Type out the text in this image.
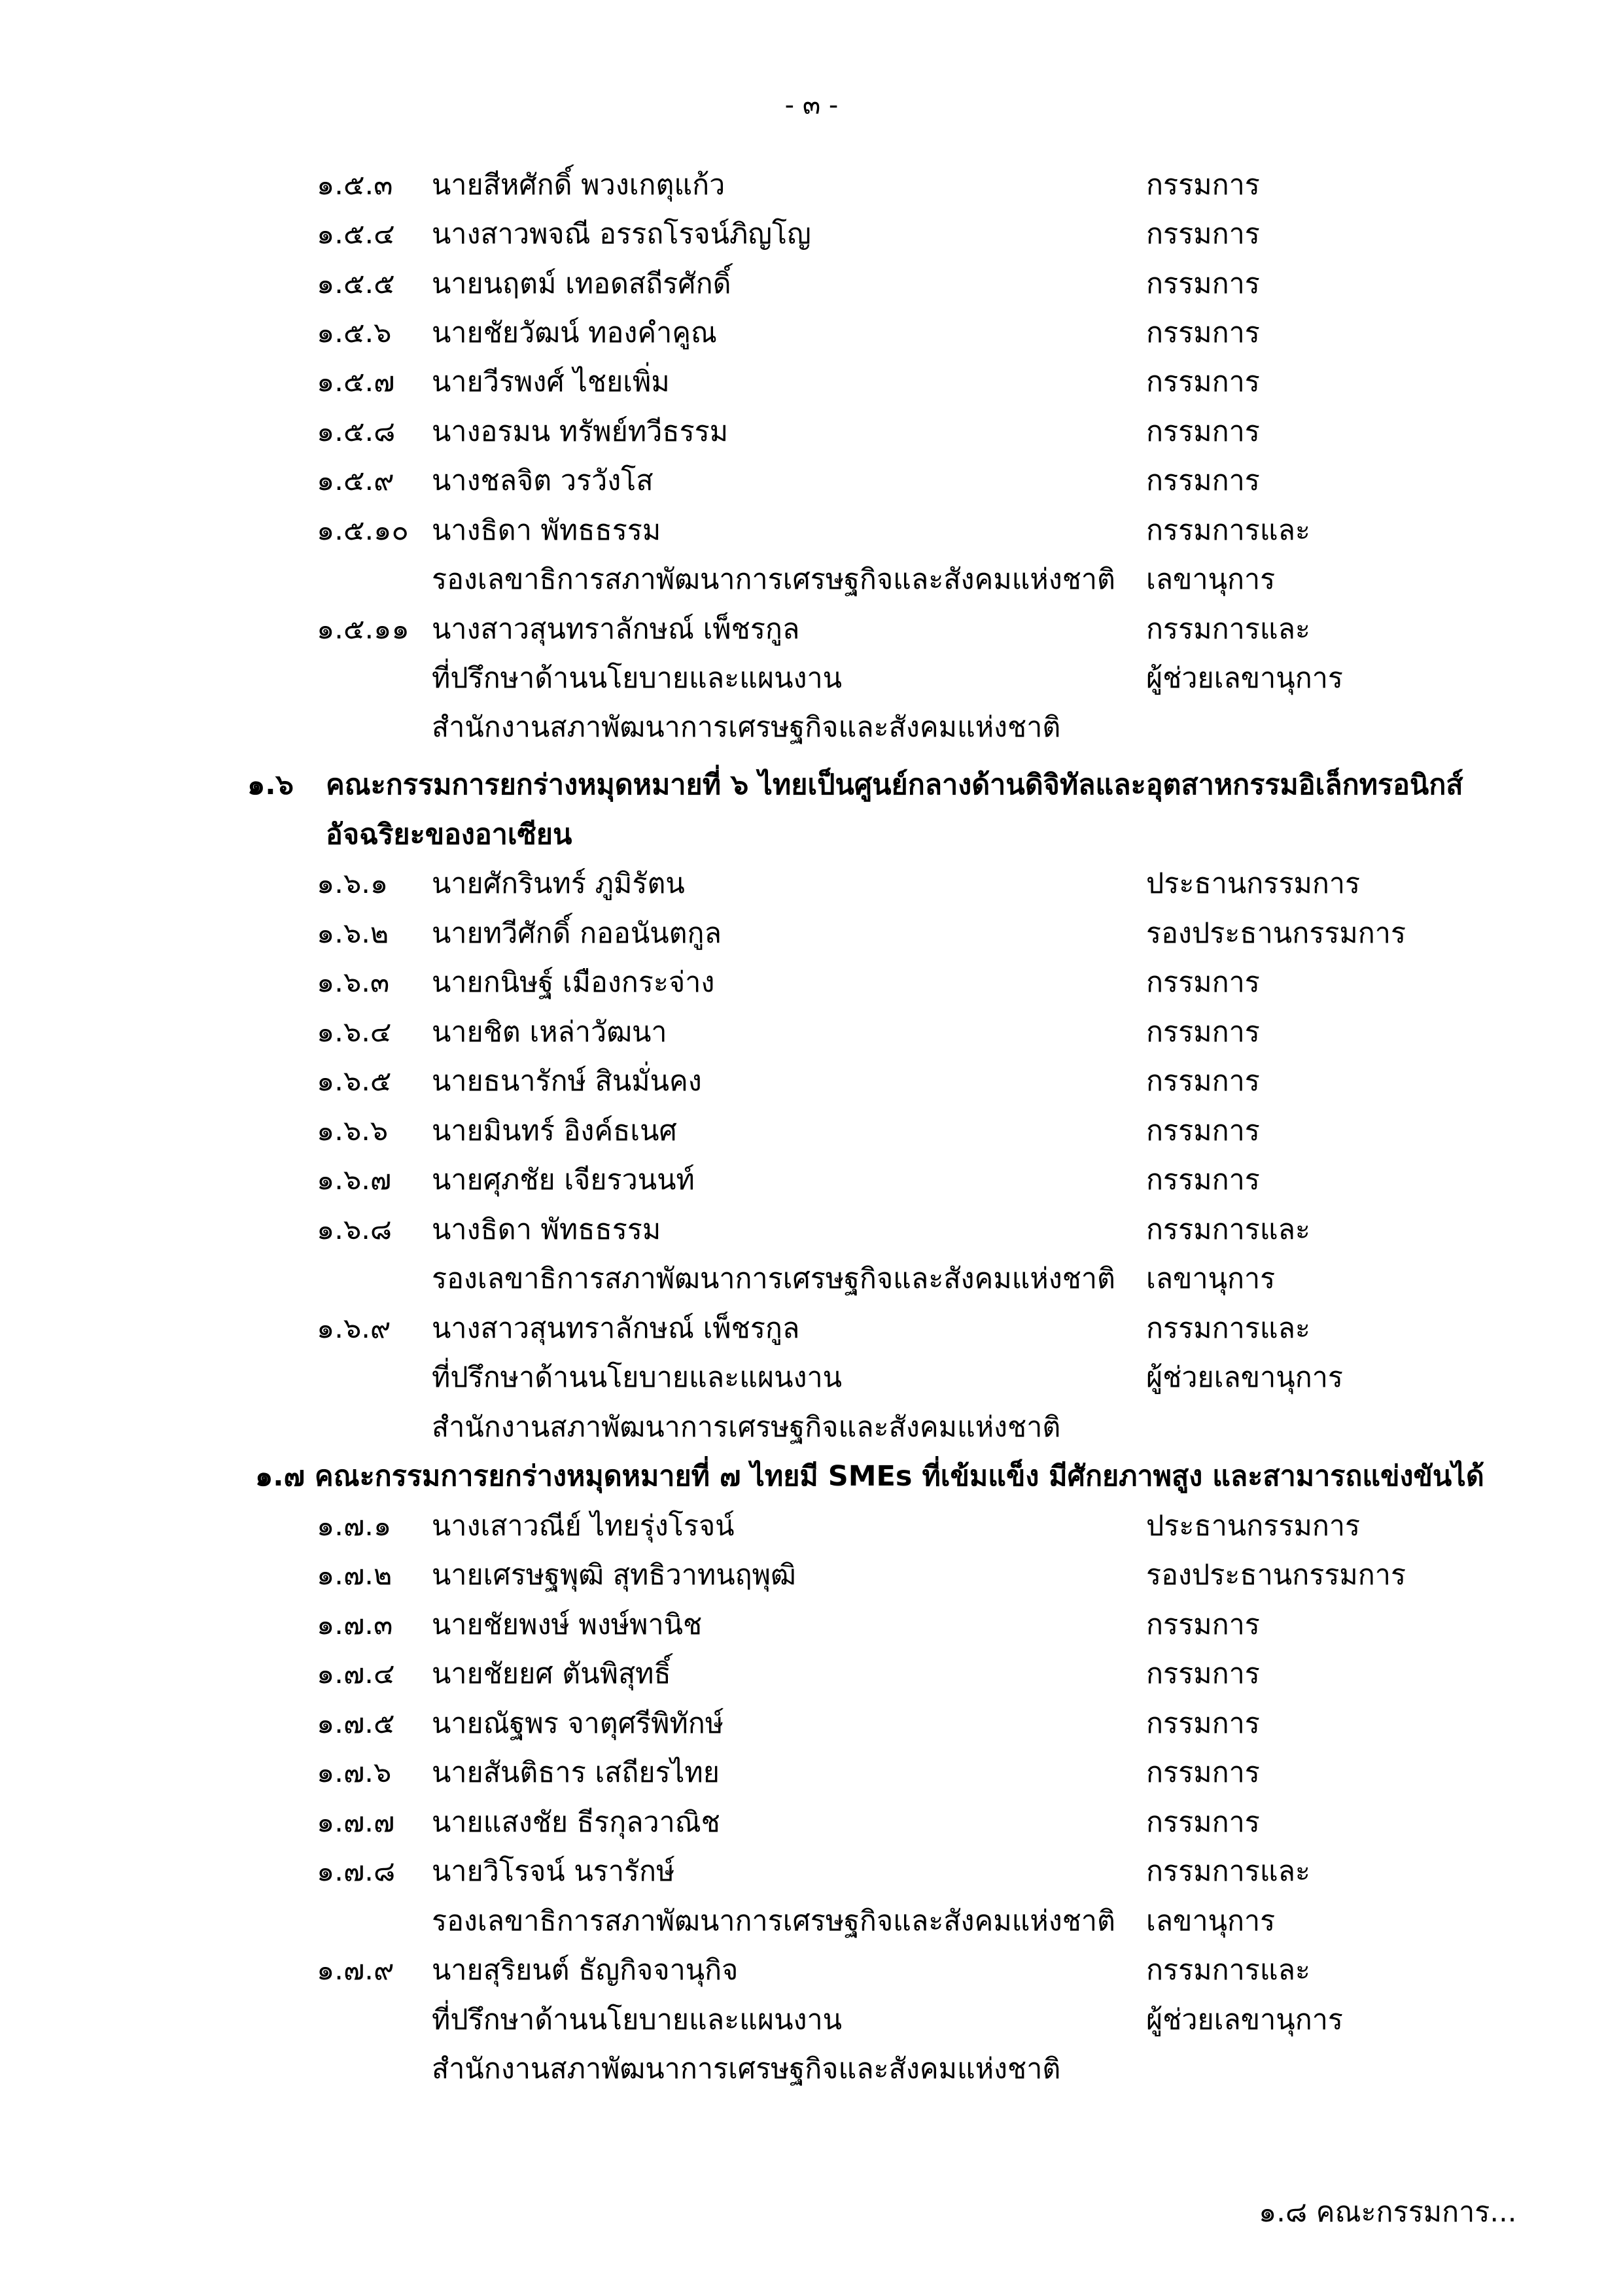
- ๓ -
๑.๕.๓ นายสีหศักดิ์ พวงเกตุแก้ว	กรรมการ
๑.๕.๔ นางสาวพจณี อรรถโรจน์ภิญโญ	กรรมการ
๑.๕.๕ นายนฤตม์ เทอดสถีรศักดิ์	กรรมการ
๑.๕.๖ นายชัยวัฒน์ ทองคำคูณ	กรรมการ
๑.๕.๗ นายวีรพงศ์ ไชยเพิ่ม	กรรมการ
๑.๕.๘ นางอรมน ทรัพย์ทวีธรรม	กรรมการ
๑.๕.๙ นางชลจิต วรวังโส	กรรมการ
๑.๕.๑๐ นางธิดา พัทธธรรม	กรรมการและ
รองเลขาธิการสภาพัฒนาการเศรษฐกิจและสังคมแห่งชาติ เลขานุการ
๑.๕.๑๑ นางสาวสุนทราลักษณ์ เพ็ชรกูล	กรรมการและ
ที่ปรึกษาด้านนโยบายและแผนงาน	ผู้ช่วยเลขานุการ
สำนักงานสภาพัฒนาการเศรษฐกิจและสังคมแห่งชาติ
๑.๖ คณะกรรมการยกร่างหมุดหมายที่ ๖ ไทยเป็นศูนย์กลางด้านดิจิทัลและอุตสาหกรรมอิเล็กทรอนิกส์
อัจฉริยะของอาเซียน
๑.๖.๑ นายศักรินทร์ ภูมิรัตน	ประธานกรรมการ
๑.๖.๒ นายทวีศักดิ์ กออนันตกูล	รองประธานกรรมการ
๑.๖.๓ นายกนิษฐ์ เมืองกระจ่าง	กรรมการ
๑.๖.๔ นายชิต เหล่าวัฒนา	กรรมการ
๑.๖.๕ นายธนารักษ์ สินมั่นคง	กรรมการ
๑.๖.๖ นายมินทร์ อิงค์ธเนศ	กรรมการ
๑.๖.๗ นายศุภชัย เจียรวนนท์	กรรมการ
๑.๖.๘ นางธิดา พัทธธรรม	กรรมการและ
รองเลขาธิการสภาพัฒนาการเศรษฐกิจและสังคมแห่งชาติ เลขานุการ
๑.๖.๙ นางสาวสุนทราลักษณ์ เพ็ชรกูล	กรรมการและ
ที่ปรึกษาด้านนโยบายและแผนงาน	ผู้ช่วยเลขานุการ
สำนักงานสภาพัฒนาการเศรษฐกิจและสังคมแห่งชาติ
๑.๗ คณะกรรมการยกร่างหมุดหมายที่ ๗ ไทยมี SMEs ที่เข้มแข็ง มีศักยภาพสูง และสามารถแข่งขันได้
๑.๗.๑ นางเสาวณีย์ ไทยรุ่งโรจน์	ประธานกรรมการ
๑.๗.๒ นายเศรษฐพุฒิ สุทธิวาทนฤพุฒิ	รองประธานกรรมการ
๑.๗.๓ นายชัยพงษ์ พงษ์พานิช	กรรมการ
๑.๗.๔ นายชัยยศ ตันพิสุทธิ์	กรรมการ
๑.๗.๕ นายณัฐพร จาตุศรีพิทักษ์	กรรมการ
๑.๗.๖ นายสันติธาร เสถียรไทย	กรรมการ
๑.๗.๗ นายแสงชัย ธีรกุลวาณิช	กรรมการ
๑.๗.๘ นายวิโรจน์ นรารักษ์	กรรมการและ
รองเลขาธิการสภาพัฒนาการเศรษฐกิจและสังคมแห่งชาติ เลขานุการ
๑.๗.๙ นายสุริยนต์ ธัญกิจจานุกิจ	กรรมการและ
ที่ปรึกษาด้านนโยบายและแผนงาน	ผู้ช่วยเลขานุการ
สำนักงานสภาพัฒนาการเศรษฐกิจและสังคมแห่งชาติ
๑.๘ คณะกรรมการ...
